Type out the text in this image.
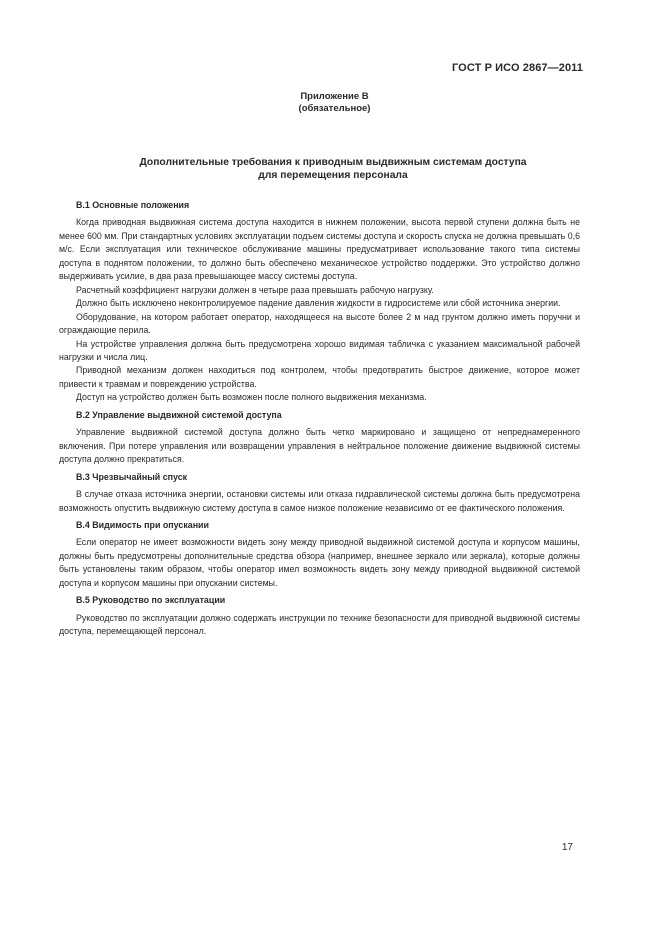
ГОСТ Р ИСО 2867—2011
Приложение В
(обязательное)
Дополнительные требования к приводным выдвижным системам доступа
для перемещения персонала
В.1 Основные положения

Когда приводная выдвижная система доступа находится в нижнем положении, высота первой ступени должна быть не менее 600 мм. При стандартных условиях эксплуатации подъем системы доступа и скорость спуска не должна превышать 0,6 м/с. Если эксплуатация или техническое обслуживание машины предусматривает использование такого типа системы доступа в поднятом положении, то должно быть обеспечено механическое устройство поддержки. Это устройство должно выдерживать усилие, в два раза превышающее массу системы доступа.

Расчетный коэффициент нагрузки должен в четыре раза превышать рабочую нагрузку.

Должно быть исключено неконтролируемое падение давления жидкости в гидросистеме или сбой источника энергии.

Оборудование, на котором работает оператор, находящееся на высоте более 2 м над грунтом должно иметь поручни и ограждающие перила.

На устройстве управления должна быть предусмотрена хорошо видимая табличка с указанием максимальной рабочей нагрузки и числа лиц.

Приводной механизм должен находиться под контролем, чтобы предотвратить быстрое движение, которое может привести к травмам и повреждению устройства.

Доступ на устройство должен быть возможен после полного выдвижения механизма.

В.2 Управление выдвижной системой доступа

Управление выдвижной системой доступа должно быть четко маркировано и защищено от непреднамеренного включения. При потере управления или возвращении управления в нейтральное положение движение выдвижной системы доступа должно прекратиться.

В.3 Чрезвычайный спуск

В случае отказа источника энергии, остановки системы или отказа гидравлической системы должна быть предусмотрена возможность опустить выдвижную систему доступа в самое низкое положение независимо от ее фактического положения.

В.4 Видимость при опускании

Если оператор не имеет возможности видеть зону между приводной выдвижной системой доступа и корпусом машины, должны быть предусмотрены дополнительные средства обзора (например, внешнее зеркало или зеркала), которые должны быть установлены таким образом, чтобы оператор имел возможность видеть зону между приводной выдвижной системой доступа и корпусом машины при опускании системы.

В.5 Руководство по эксплуатации

Руководство по эксплуатации должно содержать инструкции по технике безопасности для приводной выдвижной системы доступа, перемещающей персонал.

17
